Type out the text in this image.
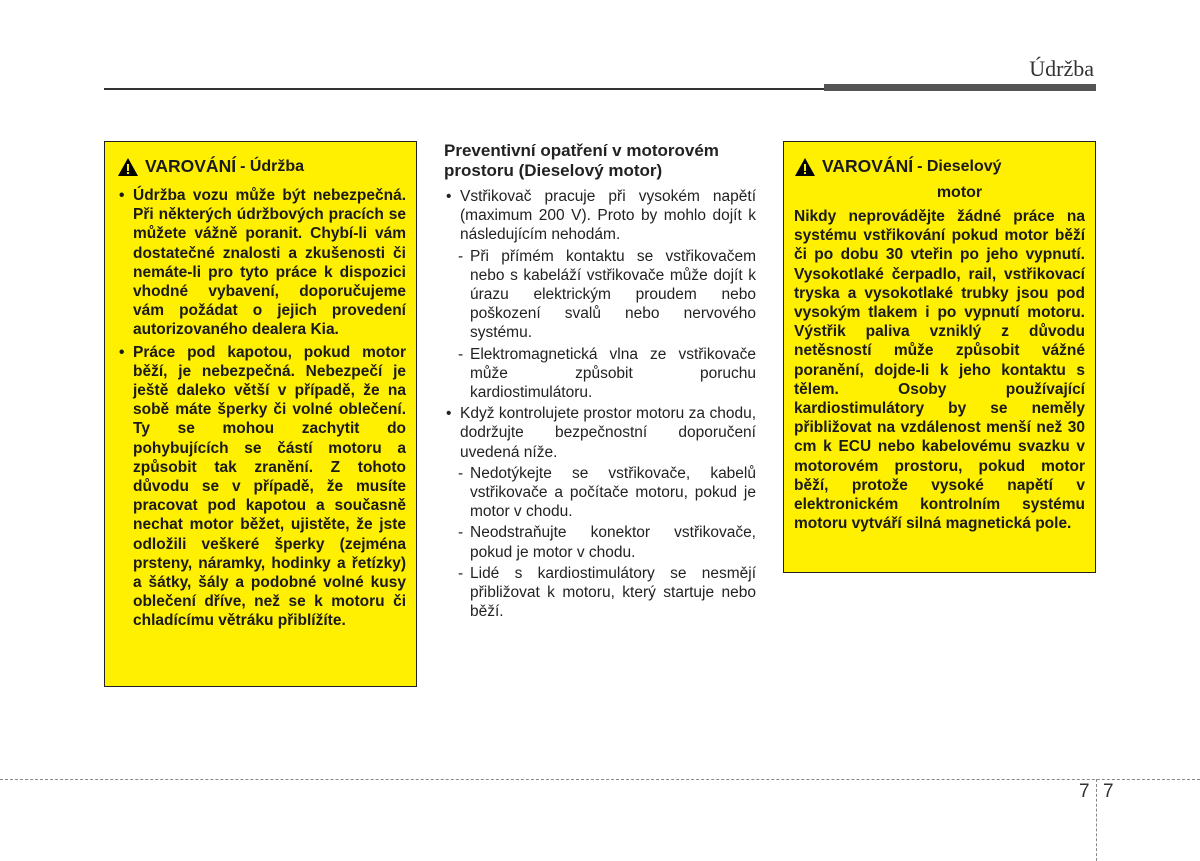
Údržba
VAROVÁNÍ - Údržba
• Údržba vozu může být nebezpečná. Při některých údržbových pracích se můžete vážně poranit. Chybí-li vám dostatečné znalosti a zkušenosti či nemáte-li pro tyto práce k dispozici vhodné vybavení, doporučujeme vám požádat o jejich provedení autorizovaného dealera Kia.
• Práce pod kapotou, pokud motor běží, je nebezpečná. Nebezpečí je ještě daleko větší v případě, že na sobě máte šperky či volné oblečení. Ty se mohou zachytit do pohybujících se částí motoru a způsobit tak zranění. Z tohoto důvodu se v případě, že musíte pracovat pod kapotou a současně nechat motor běžet, ujistěte, že jste odložili veškeré šperky (zejména prsteny, náramky, hodinky a řetízky) a šátky, šály a podobné volné kusy oblečení dříve, než se k motoru či chladícímu větráku přiblížíte.
Preventivní opatření v motorovém prostoru (Dieselový motor)
• Vstřikovač pracuje při vysokém napětí (maximum 200 V). Proto by mohlo dojít k následujícím nehodám.
- Při přímém kontaktu se vstřikovačem nebo s kabeláží vstřikovače může dojít k úrazu elektrickým proudem nebo poškození svalů nebo nervového systému.
- Elektromagnetická vlna ze vstřikovače může způsobit poruchu kardiostimulátoru.
• Když kontrolujete prostor motoru za chodu, dodržujte bezpečnostní doporučení uvedená níže.
- Nedotýkejte se vstřikovače, kabelů vstřikovače a počítače motoru, pokud je motor v chodu.
- Neodstraňujte konektor vstřikovače, pokud je motor v chodu.
- Lidé s kardiostimulátory se nesmějí přibližovat k motoru, který startuje nebo běží.
VAROVÁNÍ - Dieselový
motor
Nikdy neprovádějte žádné práce na systému vstřikování pokud motor běží či po dobu 30 vteřin po jeho vypnutí. Vysokotlaké čerpadlo, rail, vstřikovací tryska a vysokotlaké trubky jsou pod vysokým tlakem i po vypnutí motoru. Výstřik paliva vzniklý z důvodu netěsností může způsobit vážné poranění, dojde-li k jeho kontaktu s tělem. Osoby používající kardiostimulátory by se neměly přibližovat na vzdálenost menší než 30 cm k ECU nebo kabelovému svazku v motorovém prostoru, pokud motor běží, protože vysoké napětí v elektronickém kontrolním systému motoru vytváří silná magnetická pole.
7 7
